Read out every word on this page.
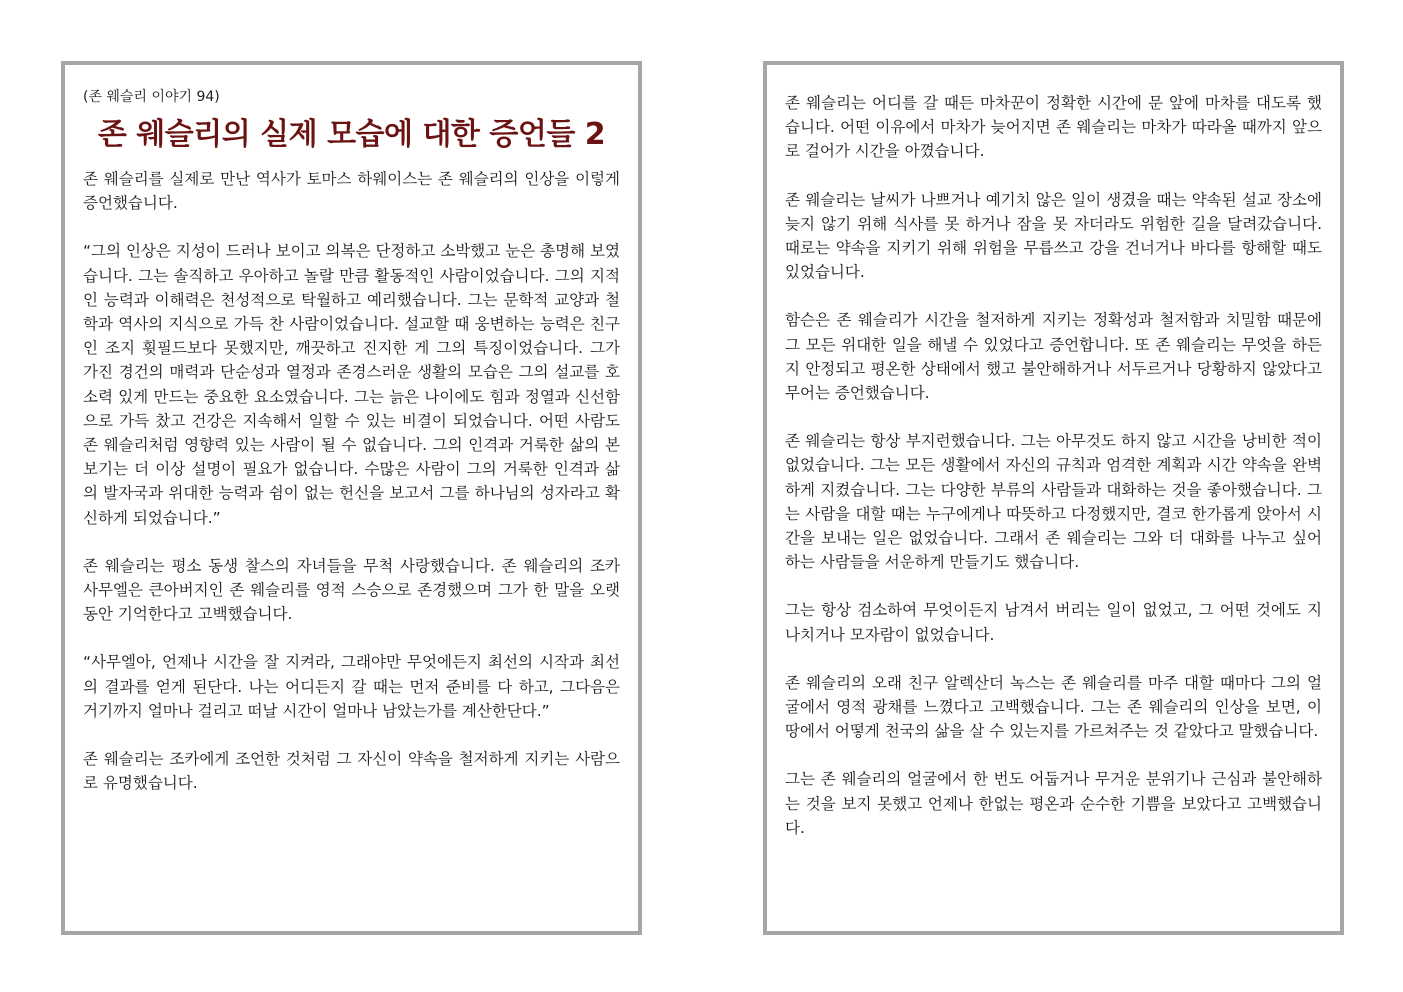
(존 웨슬리 이야기 94)
존 웨슬리의 실제 모습에 대한 증언들 2

존 웨슬리를 실제로 만난 역사가 토마스 하웨이스는 존 웨슬리의 인상을 이렇게 증언했습니다.

“그의 인상은 지성이 드러나 보이고 의복은 단정하고 소박했고 눈은 총명해 보였습니다. 그는 솔직하고 우아하고 놀랄 만큼 활동적인 사람이었습니다. 그의 지적인 능력과 이해력은 천성적으로 탁월하고 예리했습니다. 그는 문학적 교양과 철학과 역사의 지식으로 가득 찬 사람이었습니다. 설교할 때 웅변하는 능력은 친구인 조지 휫필드보다 못했지만, 깨끗하고 진지한 게 그의 특징이었습니다. 그가 가진 경건의 매력과 단순성과 열정과 존경스러운 생활의 모습은 그의 설교를 호소력 있게 만드는 중요한 요소였습니다. 그는 늙은 나이에도 힘과 정열과 신선함으로 가득 찼고 건강은 지속해서 일할 수 있는 비결이 되었습니다. 어떤 사람도 존 웨슬리처럼 영향력 있는 사람이 될 수 없습니다. 그의 인격과 거룩한 삶의 본보기는 더 이상 설명이 필요가 없습니다. 수많은 사람이 그의 거룩한 인격과 삶의 발자국과 위대한 능력과 쉼이 없는 헌신을 보고서 그를 하나님의 성자라고 확신하게 되었습니다.”

존 웨슬리는 평소 동생 찰스의 자녀들을 무척 사랑했습니다. 존 웨슬리의 조카 사무엘은 큰아버지인 존 웨슬리를 영적 스승으로 존경했으며 그가 한 말을 오랫동안 기억한다고 고백했습니다.

“사무엘아, 언제나 시간을 잘 지켜라, 그래야만 무엇에든지 최선의 시작과 최선의 결과를 얻게 된단다. 나는 어디든지 갈 때는 먼저 준비를 다 하고, 그다음은 거기까지 얼마나 걸리고 떠날 시간이 얼마나 남았는가를 계산한단다.”

존 웨슬리는 조카에게 조언한 것처럼 그 자신이 약속을 철저하게 지키는 사람으로 유명했습니다.

존 웨슬리는 어디를 갈 때든 마차꾼이 정확한 시간에 문 앞에 마차를 대도록 했습니다. 어떤 이유에서 마차가 늦어지면 존 웨슬리는 마차가 따라올 때까지 앞으로 걸어가 시간을 아꼈습니다.

존 웨슬리는 날씨가 나쁘거나 예기치 않은 일이 생겼을 때는 약속된 설교 장소에 늦지 않기 위해 식사를 못 하거나 잠을 못 자더라도 위험한 길을 달려갔습니다. 때로는 약속을 지키기 위해 위험을 무릅쓰고 강을 건너거나 바다를 항해할 때도 있었습니다.

함슨은 존 웨슬리가 시간을 철저하게 지키는 정확성과 철저함과 치밀함 때문에 그 모든 위대한 일을 해낼 수 있었다고 증언합니다. 또 존 웨슬리는 무엇을 하든지 안정되고 평온한 상태에서 했고 불안해하거나 서두르거나 당황하지 않았다고 무어는 증언했습니다.

존 웨슬리는 항상 부지런했습니다. 그는 아무것도 하지 않고 시간을 낭비한 적이 없었습니다. 그는 모든 생활에서 자신의 규칙과 엄격한 계획과 시간 약속을 완벽하게 지켰습니다. 그는 다양한 부류의 사람들과 대화하는 것을 좋아했습니다. 그는 사람을 대할 때는 누구에게나 따뜻하고 다정했지만, 결코 한가롭게 앉아서 시간을 보내는 일은 없었습니다. 그래서 존 웨슬리는 그와 더 대화를 나누고 싶어하는 사람들을 서운하게 만들기도 했습니다.

그는 항상 검소하여 무엇이든지 남겨서 버리는 일이 없었고, 그 어떤 것에도 지나치거나 모자람이 없었습니다.

존 웨슬리의 오래 친구 알렉산더 녹스는 존 웨슬리를 마주 대할 때마다 그의 얼굴에서 영적 광채를 느꼈다고 고백했습니다. 그는 존 웨슬리의 인상을 보면, 이 땅에서 어떻게 천국의 삶을 살 수 있는지를 가르쳐주는 것 같았다고 말했습니다.

그는 존 웨슬리의 얼굴에서 한 번도 어둡거나 무거운 분위기나 근심과 불안해하는 것을 보지 못했고 언제나 한없는 평온과 순수한 기쁨을 보았다고 고백했습니다.
